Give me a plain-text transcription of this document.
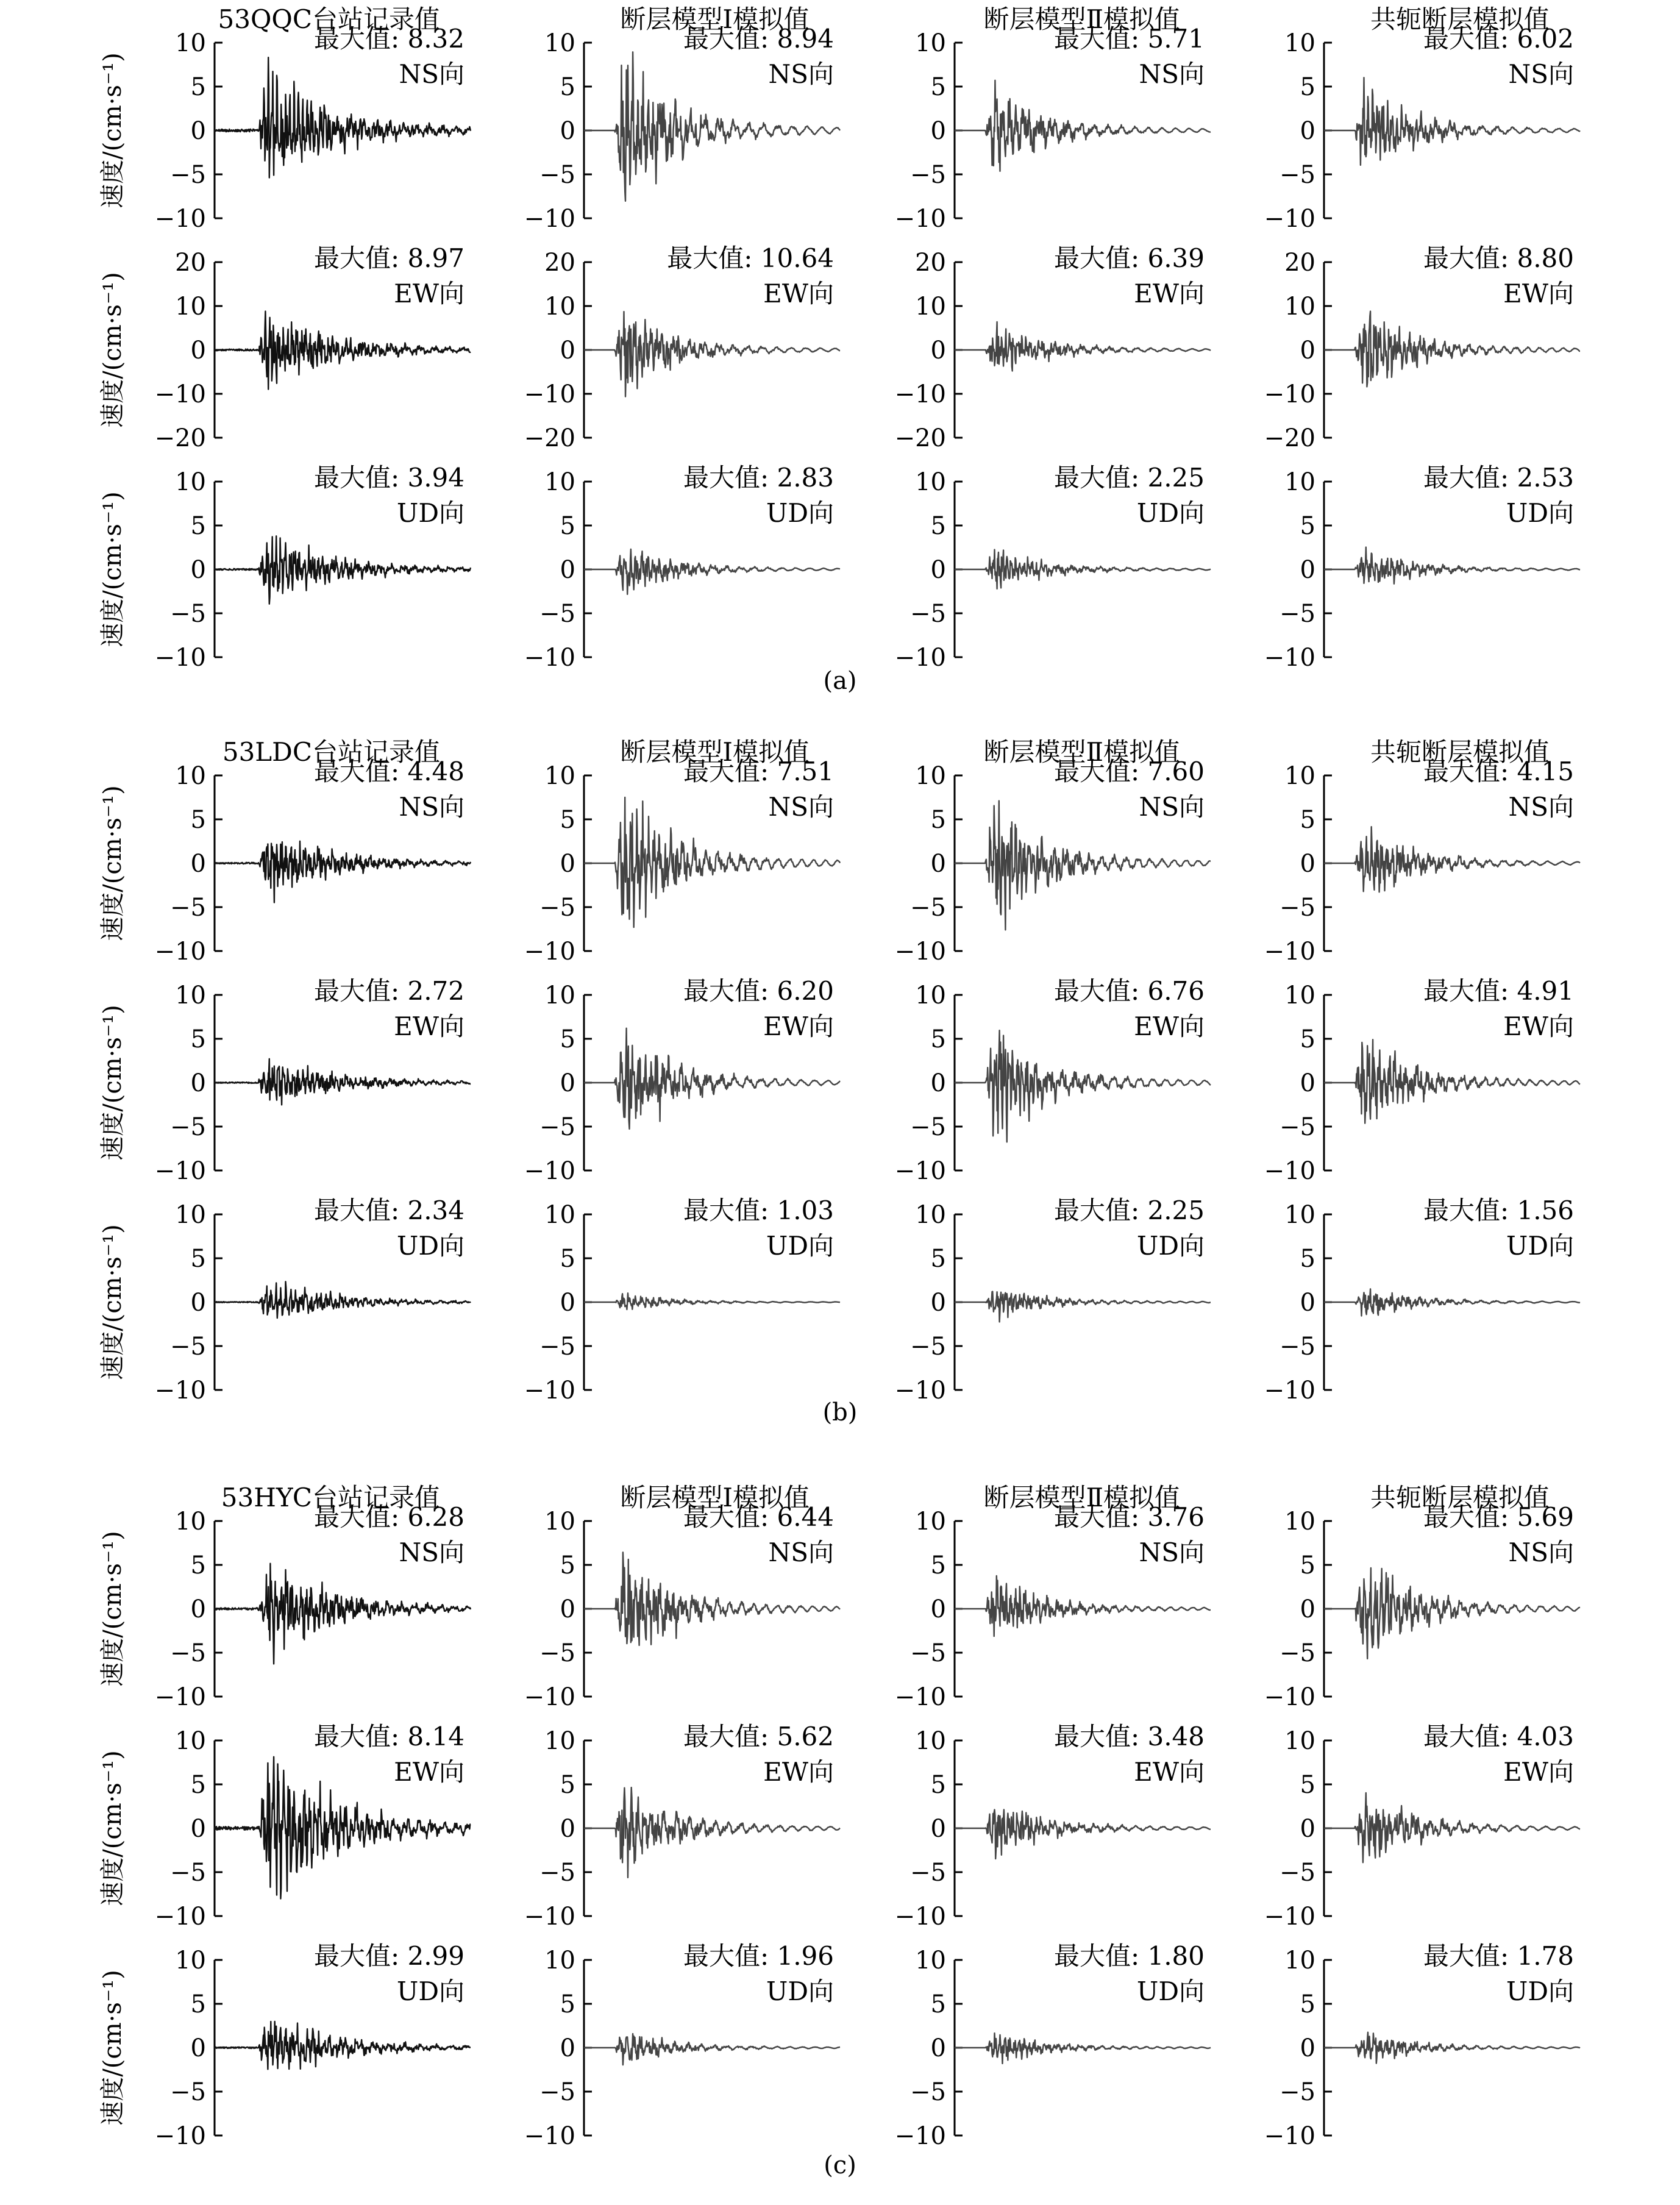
53QQC台站记录值	断层模型Ⅰ模拟值	断层模型Ⅱ模拟值	共轭断层模拟值
速度/(cm·s⁻¹)
10
5
0
−5
−10
最大值: 8.32
NS向
10
5
0
−5
−10
最大值: 8.94
NS向
10
5
0
−5
−10
最大值: 5.71
NS向
10
5
0
−5
−10
最大值: 6.02
NS向
速度/(cm·s⁻¹)
20
10
0
−10
−20
最大值: 8.97
EW向
20
10
0
−10
−20
最大值: 10.64
EW向
20
10
0
−10
−20
最大值: 6.39
EW向
20
10
0
−10
−20
最大值: 8.80
EW向
速度/(cm·s⁻¹)
10
5
0
−5
−10
最大值: 3.94
UD向
10
5
0
−5
−10
最大值: 2.83
UD向
10
5
0
−5
−10
最大值: 2.25
UD向
10
5
0
−5
−10
最大值: 2.53
UD向
(a)
53LDC台站记录值	断层模型Ⅰ模拟值	断层模型Ⅱ模拟值	共轭断层模拟值
速度/(cm·s⁻¹)
10
5
0
−5
−10
最大值: 4.48
NS向
10
5
0
−5
−10
最大值: 7.51
NS向
10
5
0
−5
−10
最大值: 7.60
NS向
10
5
0
−5
−10
最大值: 4.15
NS向
速度/(cm·s⁻¹)
10
5
0
−5
−10
最大值: 2.72
EW向
10
5
0
−5
−10
最大值: 6.20
EW向
10
5
0
−5
−10
最大值: 6.76
EW向
10
5
0
−5
−10
最大值: 4.91
EW向
速度/(cm·s⁻¹)
10
5
0
−5
−10
最大值: 2.34
UD向
10
5
0
−5
−10
最大值: 1.03
UD向
10
5
0
−5
−10
最大值: 2.25
UD向
10
5
0
−5
−10
最大值: 1.56
UD向
(b)
53HYC台站记录值	断层模型Ⅰ模拟值	断层模型Ⅱ模拟值	共轭断层模拟值
速度/(cm·s⁻¹)
10
5
0
−5
−10
最大值: 6.28
NS向
10
5
0
−5
−10
最大值: 6.44
NS向
10
5
0
−5
−10
最大值: 3.76
NS向
10
5
0
−5
−10
最大值: 5.69
NS向
速度/(cm·s⁻¹)
10
5
0
−5
−10
最大值: 8.14
EW向
10
5
0
−5
−10
最大值: 5.62
EW向
10
5
0
−5
−10
最大值: 3.48
EW向
10
5
0
−5
−10
最大值: 4.03
EW向
速度/(cm·s⁻¹)
10
5
0
−5
−10
最大值: 2.99
UD向
10
5
0
−5
−10
最大值: 1.96
UD向
10
5
0
−5
−10
最大值: 1.80
UD向
10
5
0
−5
−10
最大值: 1.78
UD向
(c)
